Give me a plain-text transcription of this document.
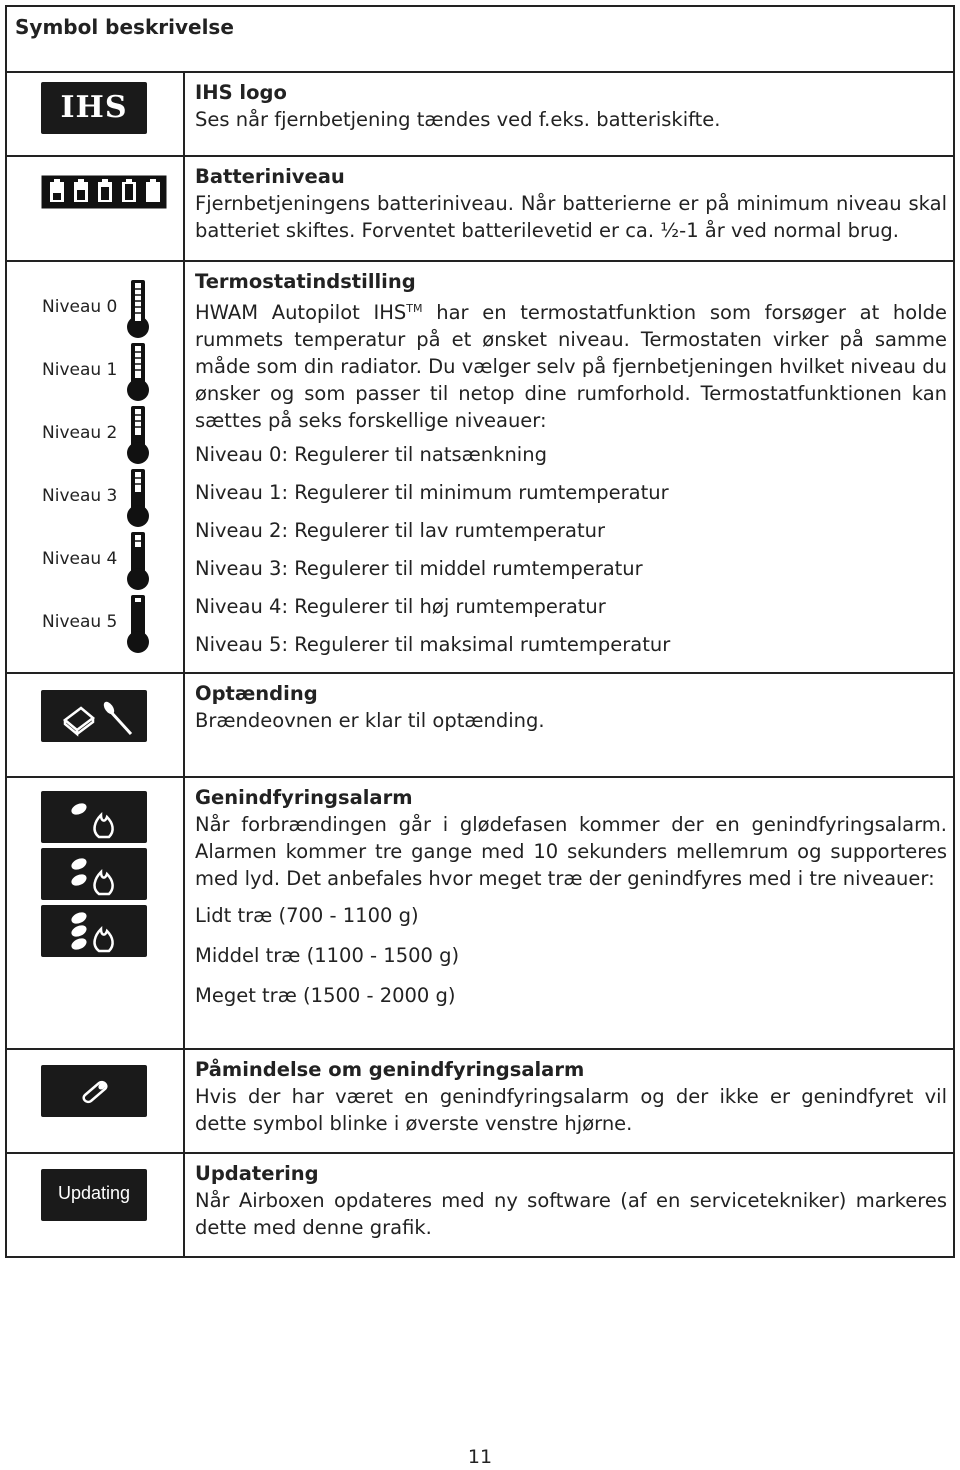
Symbol beskrivelse
IHS	IHS logo

Ses når fjernbetjening tændes ved f.eks. batteriskifte.

Batteriniveau

Fjernbetjeningens batteriniveau. Når batterierne er på minimum niveau skal batteriet skiftes. Forventet batterilevetid er ca. ½-1 år ved normal brug.

Niveau 0
Niveau 1
Niveau 2
Niveau 3
Niveau 4
Niveau 5
Termostatindstilling

HWAM Autopilot IHS™ har en termostatfunktion som forsøger at holde rummets temperatur på et ønsket niveau. Termostaten virker på samme måde som din radiator. Du vælger selv på fjernbetjeningen hvilket niveau du ønsker og som passer til netop dine rumforhold. Termostatfunktionen kan sættes på seks forskellige niveauer:

Niveau 0: Regulerer til natsænkning
Niveau 1: Regulerer til minimum rumtemperatur
Niveau 2: Regulerer til lav rumtemperatur
Niveau 3: Regulerer til middel rumtemperatur
Niveau 4: Regulerer til høj rumtemperatur
Niveau 5: Regulerer til maksimal rumtemperatur
Optænding

Brændeovnen er klar til optænding.

Genindfyringsalarm

Når forbrændingen går i glødefasen kommer der en genindfyringsalarm. Alarmen kommer tre gange med 10 sekunders mellemrum og supporteres med lyd. Det anbefales hvor meget træ der genindfyres med i tre niveauer:

Lidt træ (700 - 1100 g)
Middel træ (1100 - 1500 g)
Meget træ (1500 - 2000 g)
Påmindelse om genindfyringsalarm

Hvis der har været en genindfyringsalarm og der ikke er genindfyret vil dette symbol blinke i øverste venstre hjørne.

Updating
Updatering

Når Airboxen opdateres med ny software (af en servicetekniker) markeres dette med denne grafik.

11
